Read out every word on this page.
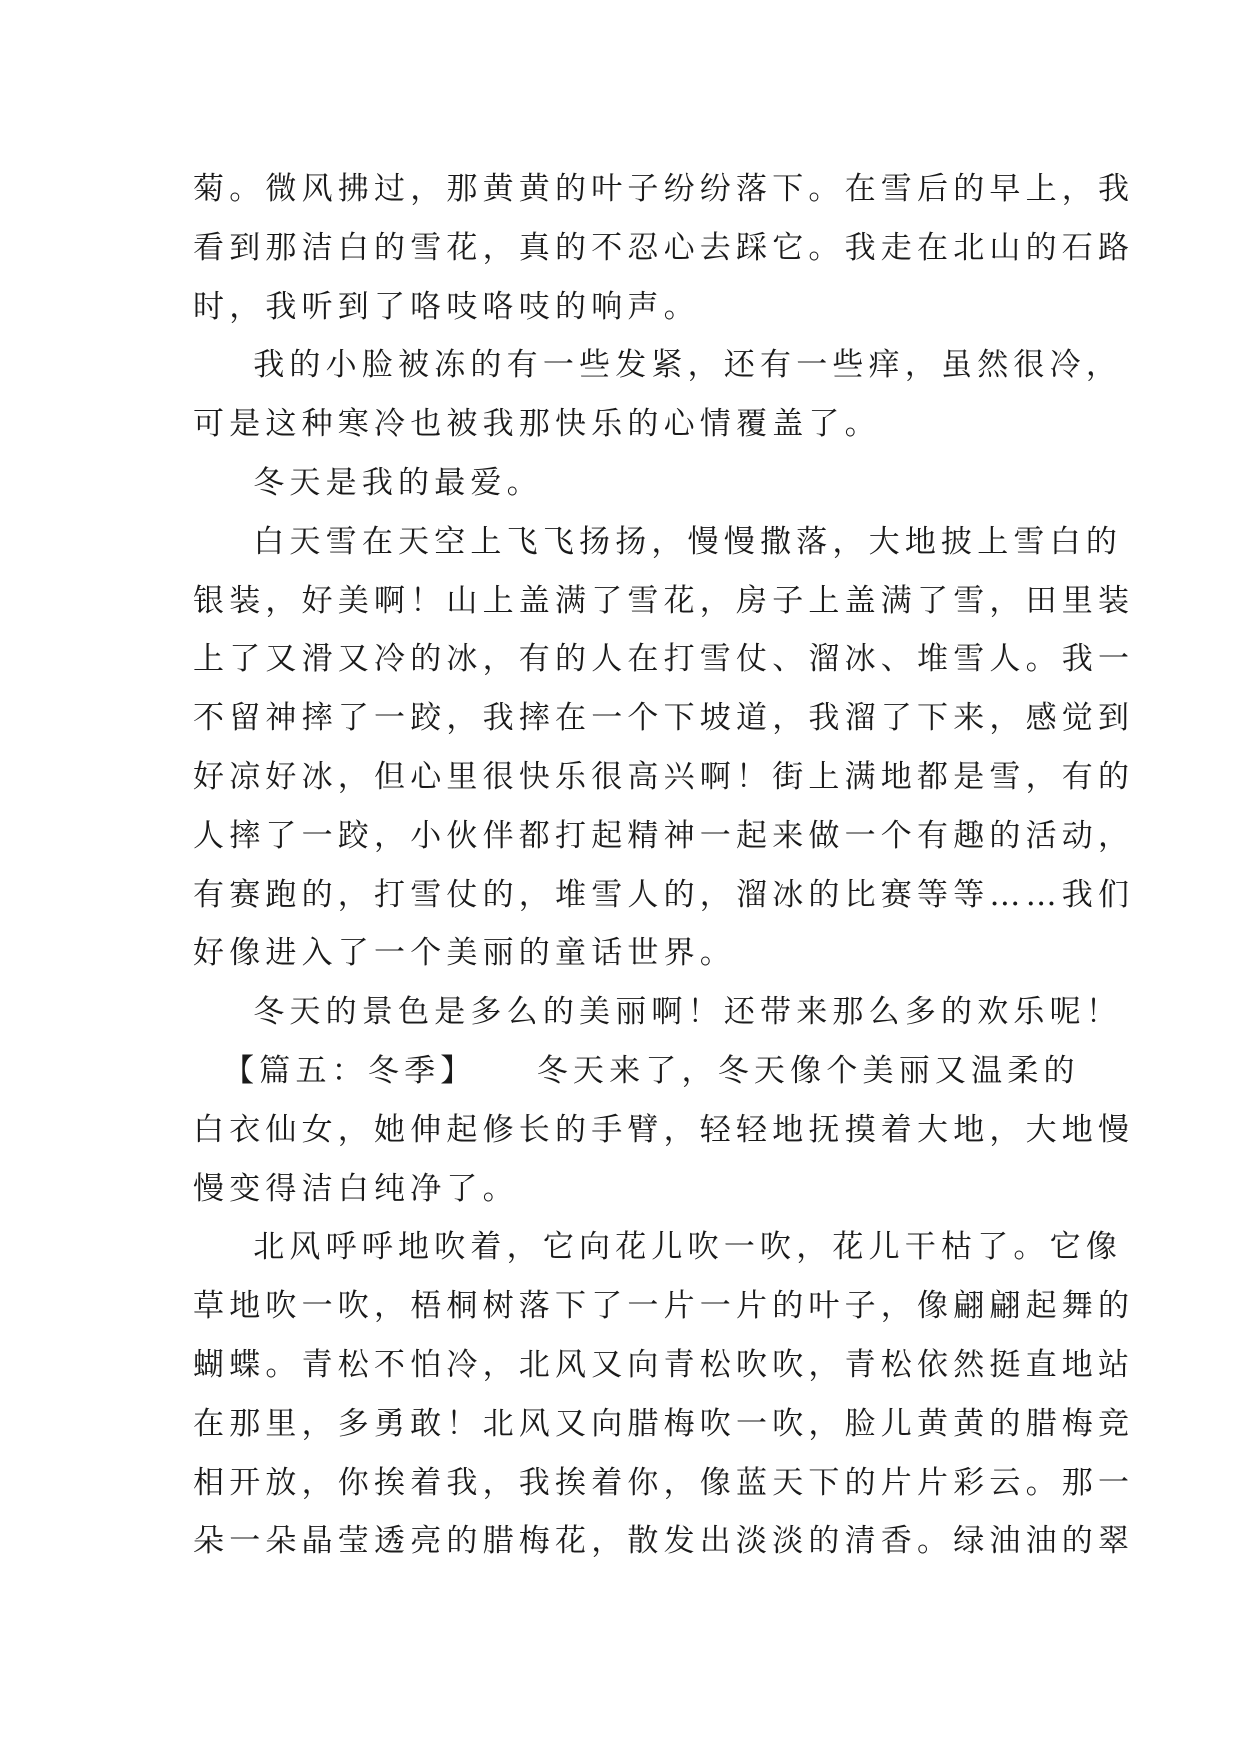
菊。微风拂过，那黄黄的叶子纷纷落下。在雪后的早上，我
看到那洁白的雪花，真的不忍心去踩它。我走在北山的石路
时，我听到了咯吱咯吱的响声。
我的小脸被冻的有一些发紧，还有一些痒，虽然很冷，
可是这种寒冷也被我那快乐的心情覆盖了。
冬天是我的最爱。
白天雪在天空上飞飞扬扬，慢慢撒落，大地披上雪白的
银装，好美啊！山上盖满了雪花，房子上盖满了雪，田里装
上了又滑又冷的冰，有的人在打雪仗、溜冰、堆雪人。我一
不留神摔了一跤，我摔在一个下坡道，我溜了下来，感觉到
好凉好冰，但心里很快乐很高兴啊！街上满地都是雪，有的
人摔了一跤，小伙伴都打起精神一起来做一个有趣的活动，
有赛跑的，打雪仗的，堆雪人的，溜冰的比赛等等……我们
好像进入了一个美丽的童话世界。
冬天的景色是多么的美丽啊！还带来那么多的欢乐呢！
【篇五：冬季】    冬天来了，冬天像个美丽又温柔的
白衣仙女，她伸起修长的手臂，轻轻地抚摸着大地，大地慢
慢变得洁白纯净了。
北风呼呼地吹着，它向花儿吹一吹，花儿干枯了。它像
草地吹一吹，梧桐树落下了一片一片的叶子，像翩翩起舞的
蝴蝶。青松不怕冷，北风又向青松吹吹，青松依然挺直地站
在那里，多勇敢！北风又向腊梅吹一吹，脸儿黄黄的腊梅竞
相开放，你挨着我，我挨着你，像蓝天下的片片彩云。那一
朵一朵晶莹透亮的腊梅花，散发出淡淡的清香。绿油油的翠
